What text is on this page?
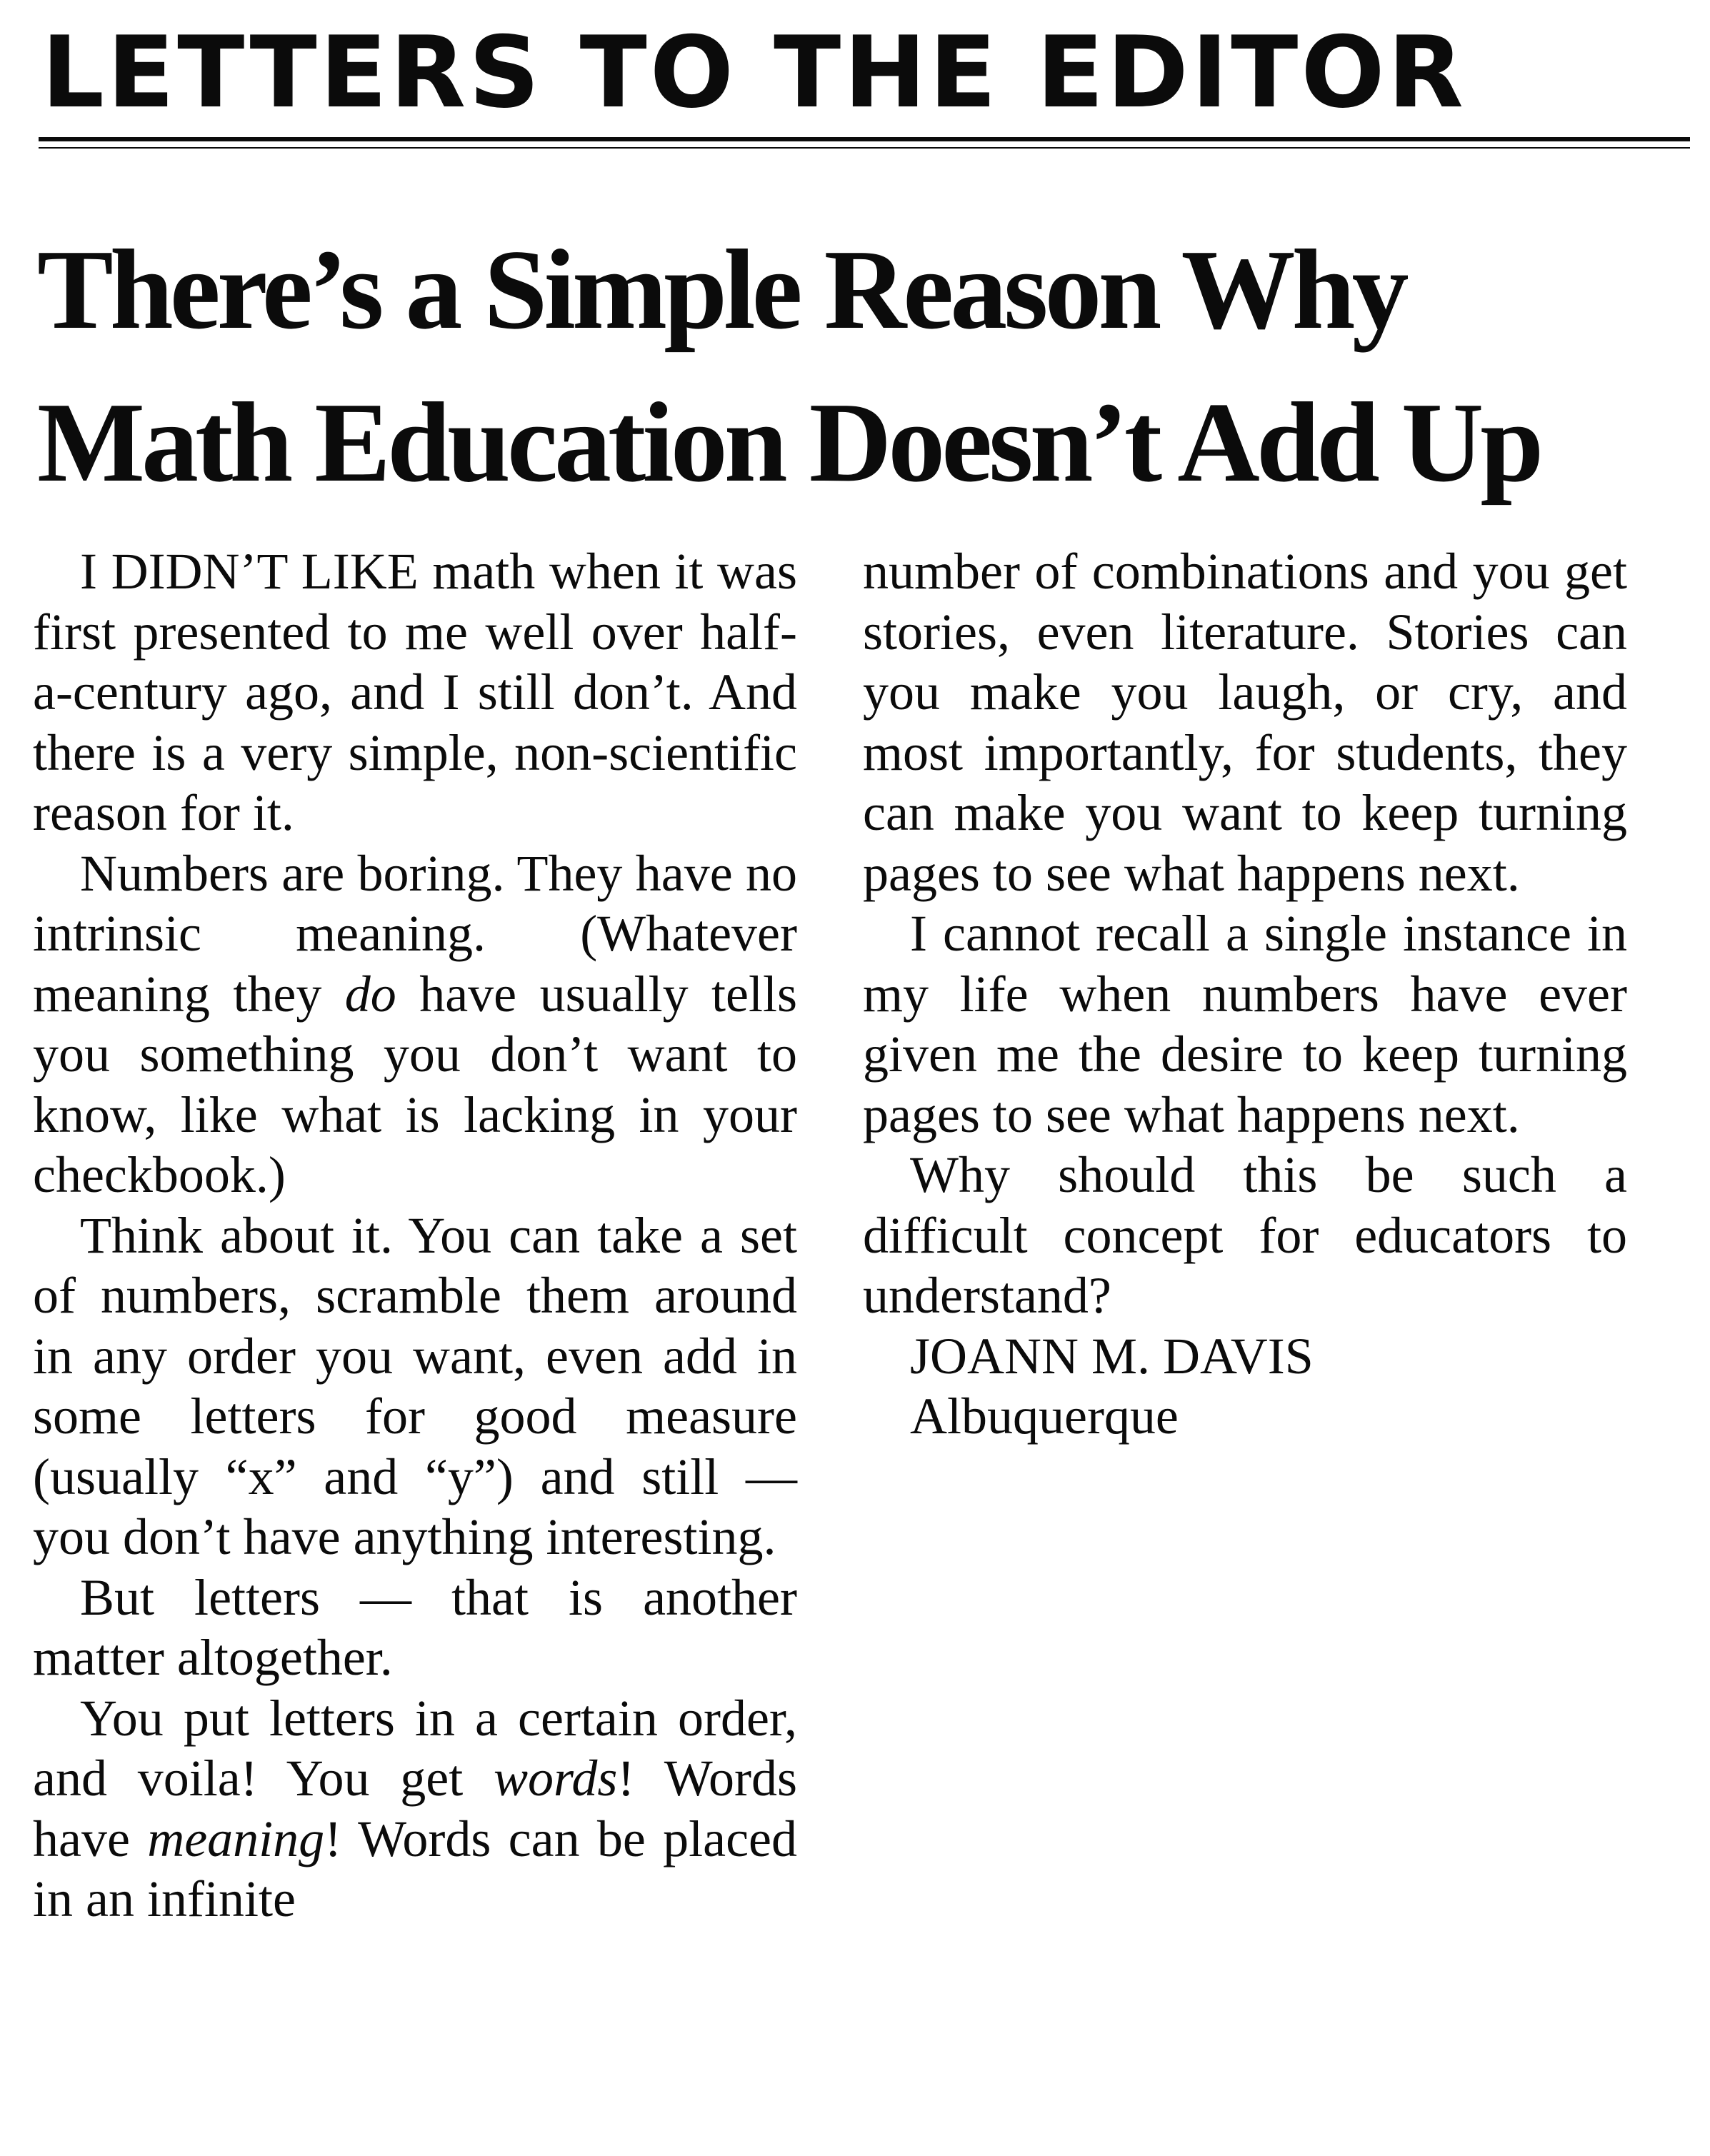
LETTERS TO THE EDITOR
There’s a Simple Reason Why
Math Education Doesn’t Add Up

I DIDN’T LIKE math when it was first presented to me well over half-a-century ago, and I still don’t. And there is a very simple, non-scientific reason for it.

Numbers are boring. They have no intrinsic meaning. (Whatever meaning they do have usually tells you something you don’t want to know, like what is lacking in your checkbook.)

Think about it. You can take a set of numbers, scramble them around in any order you want, even add in some letters for good measure (usually “x” and “y”) and still — you don’t have anything interesting.

But letters — that is another matter altogether.

You put letters in a certain order, and voila! You get words! Words have meaning! Words can be placed in an infinite

number of combinations and you get stories, even literature. Stories can you make you laugh, or cry, and most importantly, for students, they can make you want to keep turning pages to see what happens next.

I cannot recall a single instance in my life when numbers have ever given me the desire to keep turning pages to see what happens next.

Why should this be such a difficult concept for educators to understand?

JOANN M. DAVIS
Albuquerque
